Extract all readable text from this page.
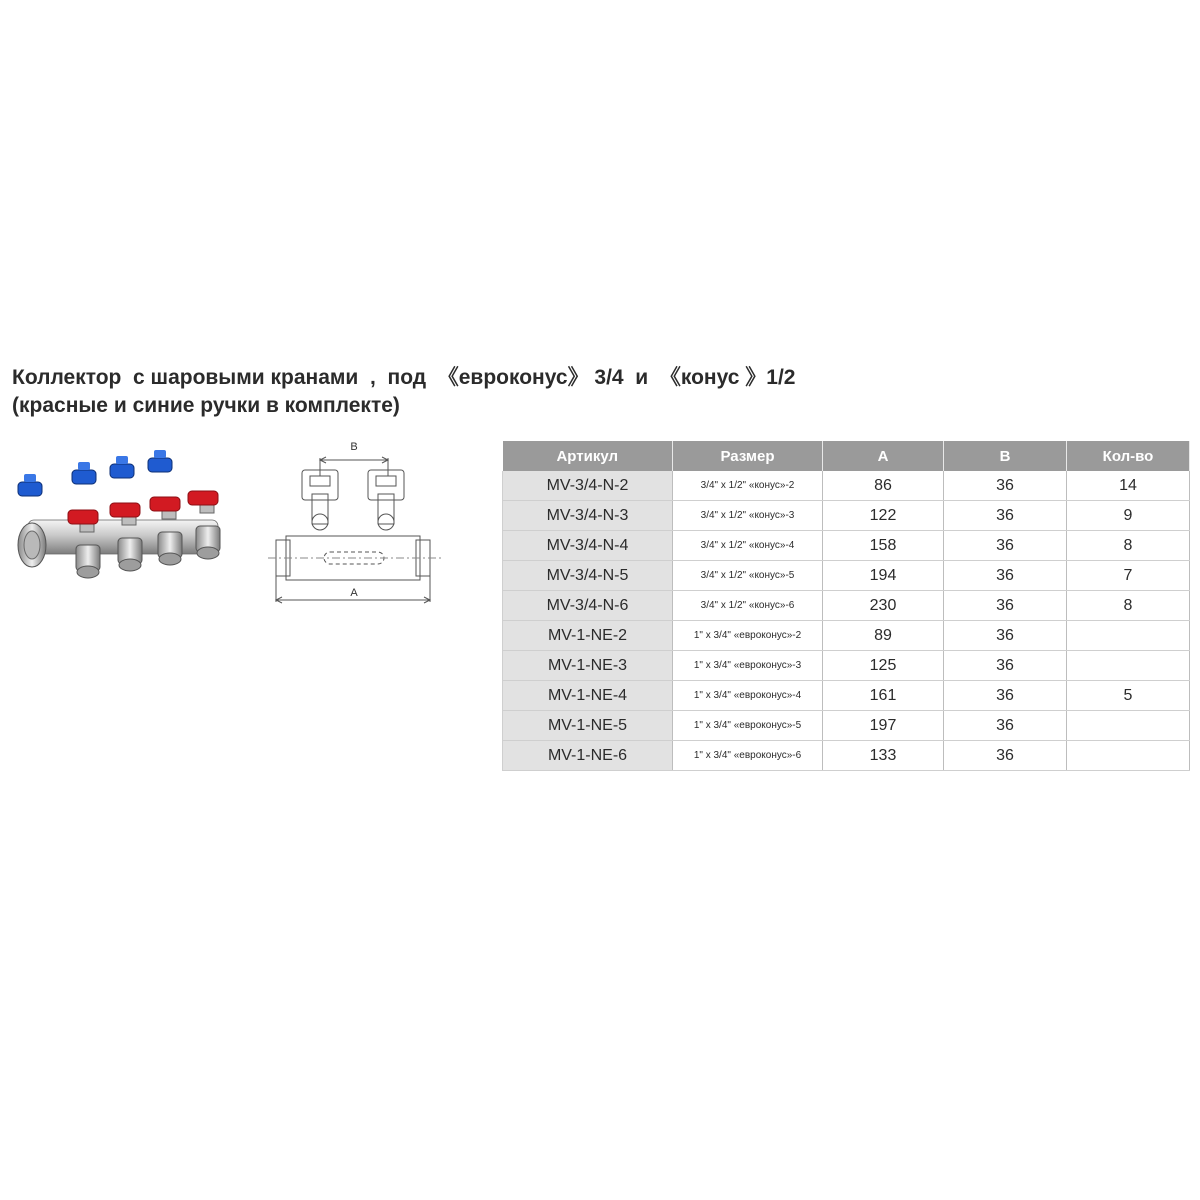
Коллектор  с шаровыми кранами  ,  под  《евроконус》 3/4  и  《конус 》1/2
(красные и синие ручки в комплекте)
B
A
Артикул	Размер	A	B	Кол-во
MV-3/4-N-2	3/4" x 1/2" «конус»-2	86	36	14
MV-3/4-N-3	3/4" x 1/2" «конус»-3	122	36	9
MV-3/4-N-4	3/4" x 1/2" «конус»-4	158	36	8
MV-3/4-N-5	3/4" x 1/2" «конус»-5	194	36	7
MV-3/4-N-6	3/4" x 1/2" «конус»-6	230	36	8
MV-1-NE-2	1" x 3/4" «евроконус»-2	89	36	
MV-1-NE-3	1" x 3/4" «евроконус»-3	125	36	
MV-1-NE-4	1" x 3/4" «евроконус»-4	161	36	5
MV-1-NE-5	1" x 3/4" «евроконус»-5	197	36	
MV-1-NE-6	1" x 3/4" «евроконус»-6	133	36	
